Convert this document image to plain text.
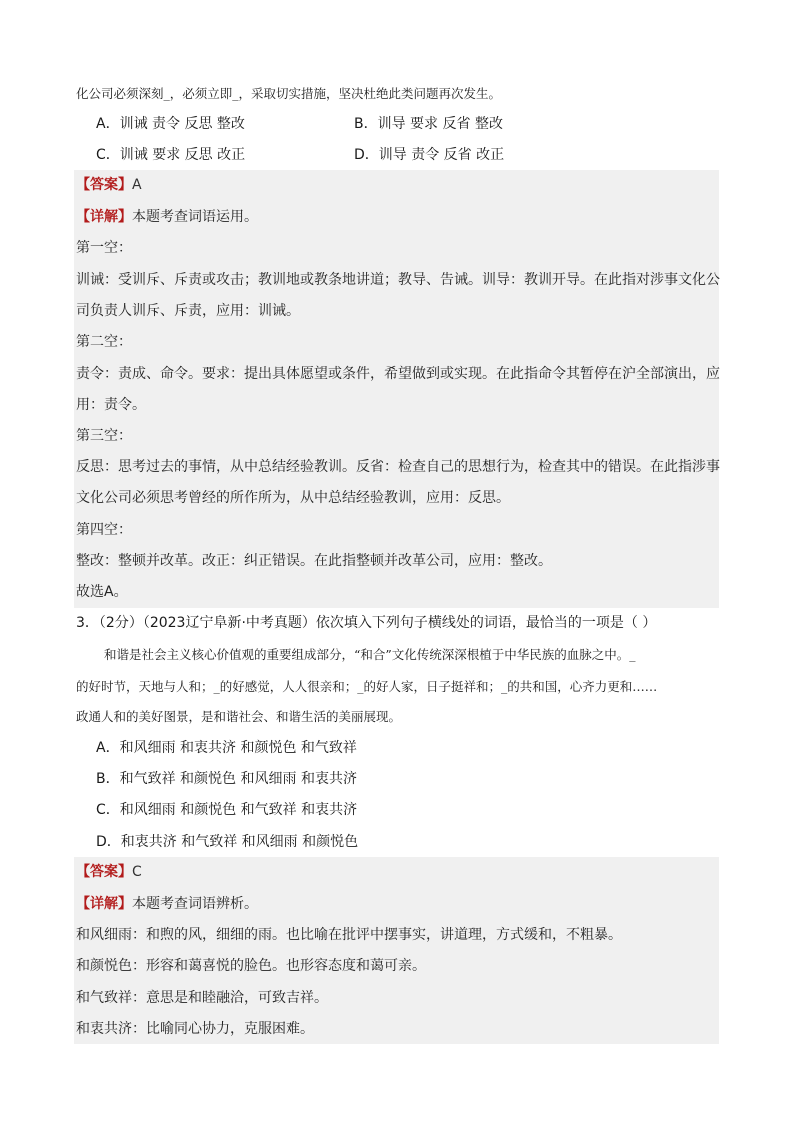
化公司必须深刻_，必须立即_，采取切实措施，坚决杜绝此类问题再次发生。
A．训诫 责令 反思 整改	B．训导 要求 反省 整改
C．训诫 要求 反思 改正	D．训导 责令 反省 改正
【答案】A
【详解】本题考查词语运用。
第一空：
训诫：受训斥、斥责或攻击；教训地或教条地讲道；教导、告诫。训导：教训开导。在此指对涉事文化公
司负责人训斥、斥责，应用：训诫。
第二空：
责令：责成、命令。要求：提出具体愿望或条件，希望做到或实现。在此指命令其暂停在沪全部演出，应
用：责令。
第三空：
反思：思考过去的事情，从中总结经验教训。反省：检查自己的思想行为，检查其中的错误。在此指涉事
文化公司必须思考曾经的所作所为，从中总结经验教训，应用：反思。
第四空：
整改：整顿并改革。改正：纠正错误。在此指整顿并改革公司，应用：整改。
故选A。
3．（2分）（2023辽宁阜新·中考真题）依次填入下列句子横线处的词语，最恰当的一项是（ ）
和谐是社会主义核心价值观的重要组成部分，“和合”文化传统深深根植于中华民族的血脉之中。_
的好时节，天地与人和；_的好感觉，人人很亲和；_的好人家，日子挺祥和；_的共和国，心齐力更和……
政通人和的美好图景，是和谐社会、和谐生活的美丽展现。
A．和风细雨 和衷共济 和颜悦色 和气致祥
B．和气致祥 和颜悦色 和风细雨 和衷共济
C．和风细雨 和颜悦色 和气致祥 和衷共济
D．和衷共济 和气致祥 和风细雨 和颜悦色
【答案】C
【详解】本题考查词语辨析。
和风细雨：和煦的风，细细的雨。也比喻在批评中摆事实，讲道理，方式缓和，不粗暴。
和颜悦色：形容和蔼喜悦的脸色。也形容态度和蔼可亲。
和气致祥：意思是和睦融洽，可致吉祥。
和衷共济：比喻同心协力，克服困难。
